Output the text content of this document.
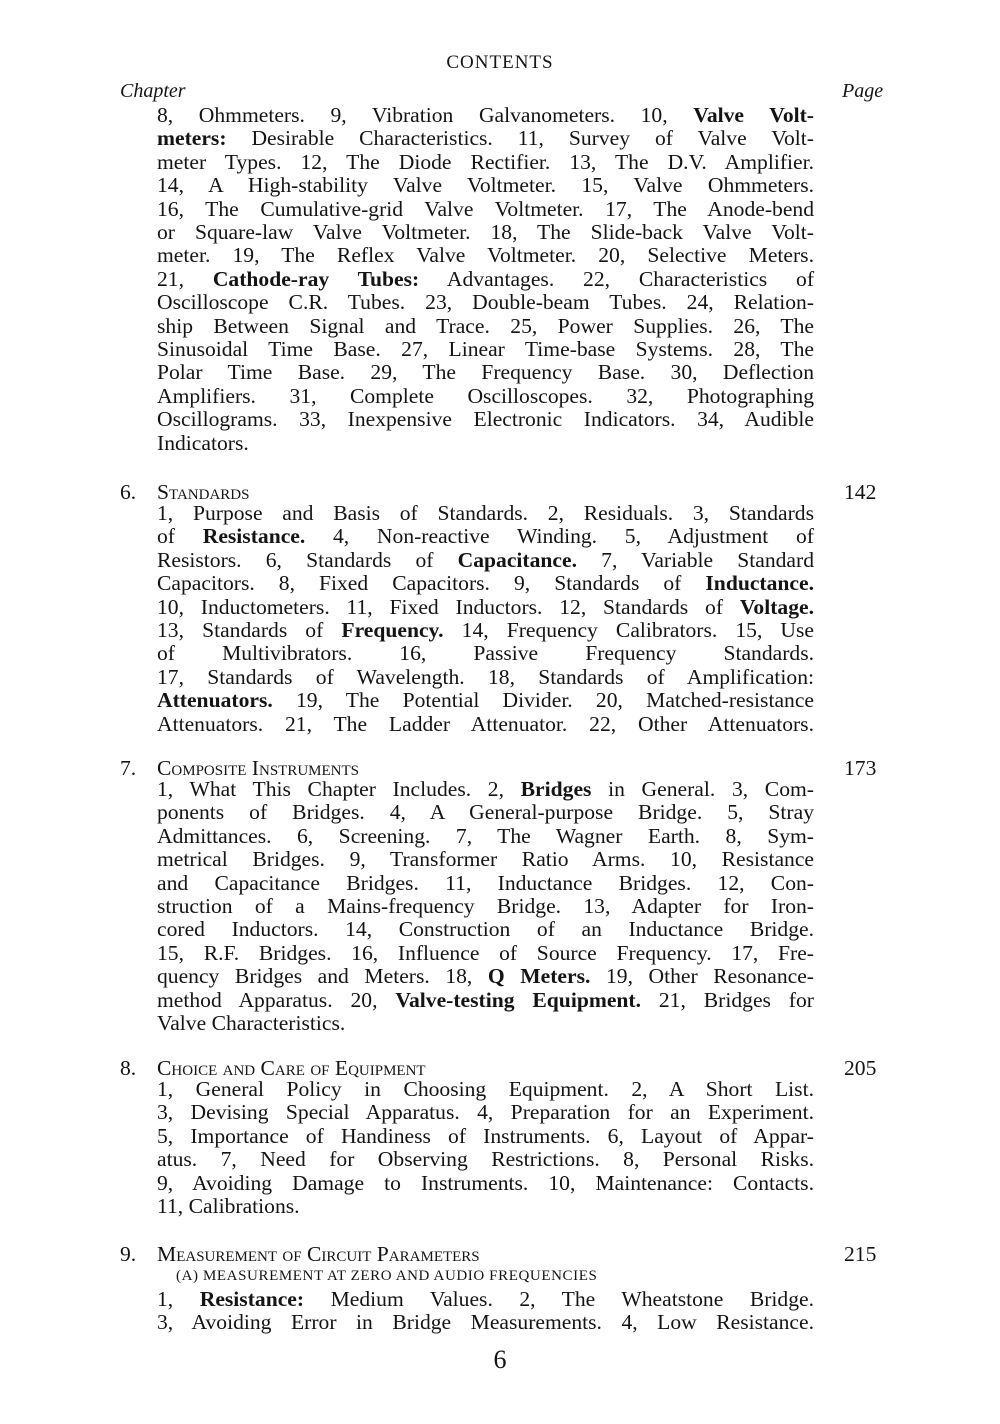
CONTENTS
Chapter	Page
8, Ohmmeters. 9, Vibration Galvanometers. 10, Valve Volt-
meters: Desirable Characteristics. 11, Survey of Valve Volt-
meter Types. 12, The Diode Rectifier. 13, The D.V. Amplifier.
14, A High-stability Valve Voltmeter. 15, Valve Ohmmeters.
16, The Cumulative-grid Valve Voltmeter. 17, The Anode-bend
or Square-law Valve Voltmeter. 18, The Slide-back Valve Volt-
meter. 19, The Reflex Valve Voltmeter. 20, Selective Meters.
21, Cathode-ray Tubes: Advantages. 22, Characteristics of
Oscilloscope C.R. Tubes. 23, Double-beam Tubes. 24, Relation-
ship Between Signal and Trace. 25, Power Supplies. 26, The
Sinusoidal Time Base. 27, Linear Time-base Systems. 28, The
Polar Time Base. 29, The Frequency Base. 30, Deflection
Amplifiers. 31, Complete Oscilloscopes. 32, Photographing
Oscillograms. 33, Inexpensive Electronic Indicators. 34, Audible
Indicators.
6. Standards	142
1, Purpose and Basis of Standards. 2, Residuals. 3, Standards
of Resistance. 4, Non-reactive Winding. 5, Adjustment of
Resistors. 6, Standards of Capacitance. 7, Variable Standard
Capacitors. 8, Fixed Capacitors. 9, Standards of Inductance.
10, Inductometers. 11, Fixed Inductors. 12, Standards of Voltage.
13, Standards of Frequency. 14, Frequency Calibrators. 15, Use
of Multivibrators. 16, Passive Frequency Standards.
17, Standards of Wavelength. 18, Standards of Amplification:
Attenuators. 19, The Potential Divider. 20, Matched-resistance
Attenuators. 21, The Ladder Attenuator. 22, Other Attenuators.
7. Composite Instruments	173
1, What This Chapter Includes. 2, Bridges in General. 3, Com-
ponents of Bridges. 4, A General-purpose Bridge. 5, Stray
Admittances. 6, Screening. 7, The Wagner Earth. 8, Sym-
metrical Bridges. 9, Transformer Ratio Arms. 10, Resistance
and Capacitance Bridges. 11, Inductance Bridges. 12, Con-
struction of a Mains-frequency Bridge. 13, Adapter for Iron-
cored Inductors. 14, Construction of an Inductance Bridge.
15, R.F. Bridges. 16, Influence of Source Frequency. 17, Fre-
quency Bridges and Meters. 18, Q Meters. 19, Other Resonance-
method Apparatus. 20, Valve-testing Equipment. 21, Bridges for
Valve Characteristics.
8. Choice and Care of Equipment	205
1, General Policy in Choosing Equipment. 2, A Short List.
3, Devising Special Apparatus. 4, Preparation for an Experiment.
5, Importance of Handiness of Instruments. 6, Layout of Appar-
atus. 7, Need for Observing Restrictions. 8, Personal Risks.
9, Avoiding Damage to Instruments. 10, Maintenance: Contacts.
11, Calibrations.
9. Measurement of Circuit Parameters	215
(A) MEASUREMENT AT ZERO AND AUDIO FREQUENCIES
1, Resistance: Medium Values. 2, The Wheatstone Bridge.
3, Avoiding Error in Bridge Measurements. 4, Low Resistance.
6
